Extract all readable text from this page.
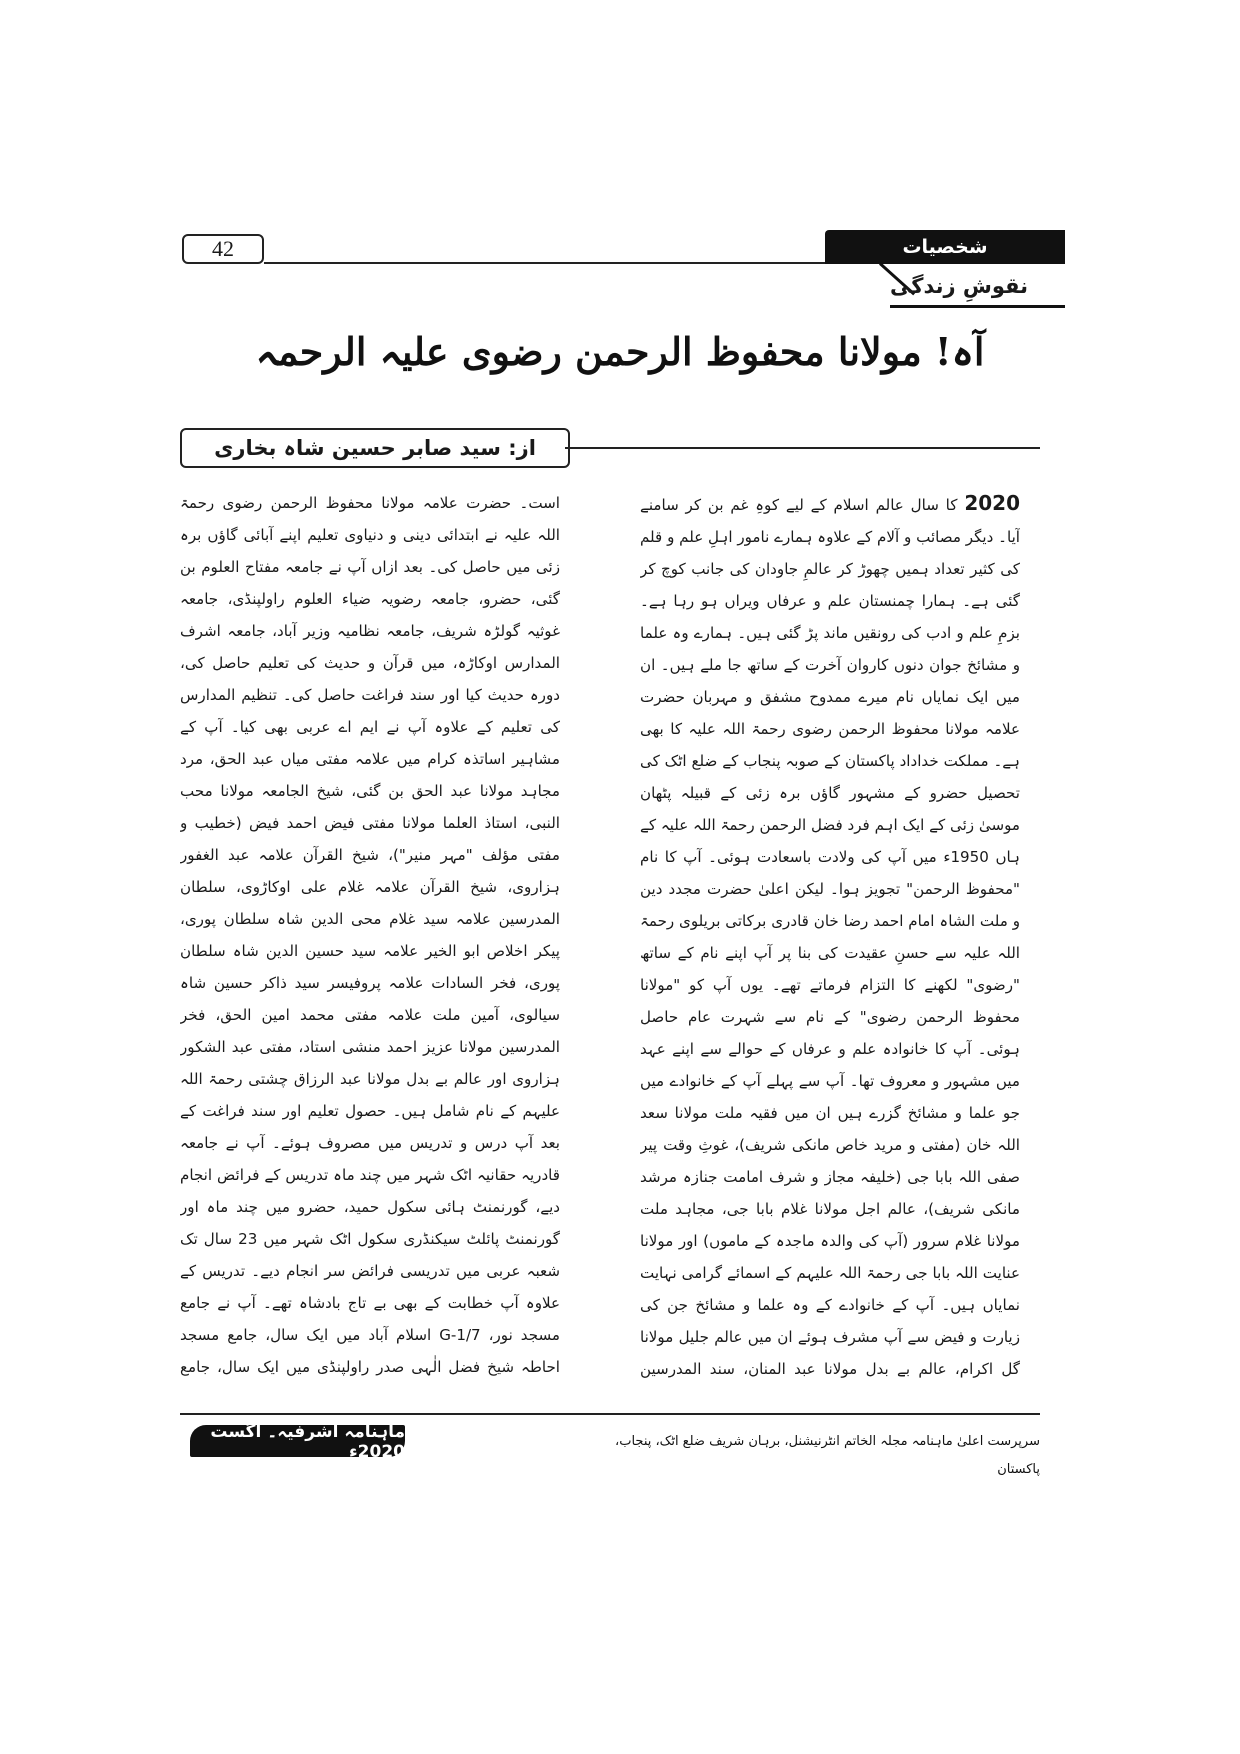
42	شخصیات
نقوشِ زندگی
آہ! مولانا محفوظ الرحمن رضوی علیہ الرحمہ
از: سید صابر حسین شاہ بخاری
2020 کا سال عالم اسلام کے لیے کوہِ غم بن کر سامنے آیا۔ دیگر مصائب و آلام کے علاوہ ہمارے نامور اہلِ علم و قلم کی کثیر تعداد ہمیں چھوڑ کر عالمِ جاودان کی جانب کوچ کر گئی ہے۔ ہمارا چمنستان علم و عرفاں ویراں ہو رہا ہے۔ بزمِ علم و ادب کی رونقیں ماند پڑ گئی ہیں۔ ہمارے وہ علما و مشائخ جوان دنوں کاروان آخرت کے ساتھ جا ملے ہیں۔ ان میں ایک نمایاں نام میرے ممدوح مشفق و مہربان حضرت علامہ مولانا محفوظ الرحمن رضوی رحمۃ اللہ علیہ کا بھی ہے۔ مملکت خداداد پاکستان کے صوبہ پنجاب کے ضلع اٹک کی تحصیل حضرو کے مشہور گاؤں برہ زئی کے قبیلہ پٹھان موسیٰ زئی کے ایک اہم فرد فضل الرحمن رحمۃ اللہ علیہ کے ہاں 1950ء میں آپ کی ولادت باسعادت ہوئی۔ آپ کا نام "محفوظ الرحمن" تجویز ہوا۔ لیکن اعلیٰ حضرت مجدد دین و ملت الشاہ امام احمد رضا خان قادری برکاتی بریلوی رحمۃ اللہ علیہ سے حسنِ عقیدت کی بنا پر آپ اپنے نام کے ساتھ "رضوی" لکھنے کا التزام فرماتے تھے۔ یوں آپ کو "مولانا محفوظ الرحمن رضوی" کے نام سے شہرت عام حاصل ہوئی۔ آپ کا خانوادہ علم و عرفاں کے حوالے سے اپنے عہد میں مشہور و معروف تھا۔ آپ سے پہلے آپ کے خانوادے میں جو علما و مشائخ گزرے ہیں ان میں فقیہ ملت مولانا سعد اللہ خان (مفتی و مرید خاص مانکی شریف)، غوثِ وقت پیر صفی اللہ بابا جی (خلیفہ مجاز و شرف امامت جنازہ مرشد مانکی شریف)، عالم اجل مولانا غلام بابا جی، مجاہد ملت مولانا غلام سرور (آپ کی والدہ ماجدہ کے ماموں) اور مولانا عنایت اللہ بابا جی رحمۃ اللہ علیہم کے اسمائے گرامی نہایت نمایاں ہیں۔ آپ کے خانوادے کے وہ علما و مشائخ جن کی زیارت و فیض سے آپ مشرف ہوئے ان میں عالم جلیل مولانا گل اکرام، عالم بے بدل مولانا عبد المنان، سند المدرسین
است۔ حضرت علامہ مولانا محفوظ الرحمن رضوی رحمۃ اللہ علیہ نے ابتدائی دینی و دنیاوی تعلیم اپنے آبائی گاؤں برہ زئی میں حاصل کی۔ بعد ازاں آپ نے جامعہ مفتاح العلوم بن گئی، حضرو، جامعہ رضویہ ضیاء العلوم راولپنڈی، جامعہ غوثیہ گولڑہ شریف، جامعہ نظامیہ وزیر آباد، جامعہ اشرف المدارس اوکاڑہ، میں قرآن و حدیث کی تعلیم حاصل کی، دورہ حدیث کیا اور سند فراغت حاصل کی۔ تنظیم المدارس کی تعلیم کے علاوہ آپ نے ایم اے عربی بھی کیا۔ آپ کے مشاہیر اساتذہ کرام میں علامہ مفتی میاں عبد الحق، مرد مجاہد مولانا عبد الحق بن گئی، شیخ الجامعہ مولانا محب النبی، استاذ العلما مولانا مفتی فیض احمد فیض (خطیب و مفتی مؤلف "مہر منیر")، شیخ القرآن علامہ عبد الغفور ہزاروی، شیخ القرآن علامہ غلام علی اوکاڑوی، سلطان المدرسین علامہ سید غلام محی الدین شاہ سلطان پوری، پیکر اخلاص ابو الخیر علامہ سید حسین الدین شاہ سلطان پوری، فخر السادات علامہ پروفیسر سید ذاکر حسین شاہ سیالوی، آمین ملت علامہ مفتی محمد امین الحق، فخر المدرسین مولانا عزیز احمد منشی استاد، مفتی عبد الشکور ہزاروی اور عالم بے بدل مولانا عبد الرزاق چشتی رحمۃ اللہ علیہم کے نام شامل ہیں۔ حصول تعلیم اور سند فراغت کے بعد آپ درس و تدریس میں مصروف ہوئے۔ آپ نے جامعہ قادریہ حقانیہ اٹک شہر میں چند ماہ تدریس کے فرائض انجام دیے، گورنمنٹ ہائی سکول حمید، حضرو میں چند ماہ اور گورنمنٹ پائلٹ سیکنڈری سکول اٹک شہر میں 23 سال تک شعبہ عربی میں تدریسی فرائض سر انجام دیے۔ تدریس کے علاوہ آپ خطابت کے بھی بے تاج بادشاہ تھے۔ آپ نے جامع مسجد نور، G-1/7 اسلام آباد میں ایک سال، جامع مسجد احاطہ شیخ فضل الٰہی صدر راولپنڈی میں ایک سال، جامع
ماہنامہ اشرفیہ۔ اگست 2020ء	سرپرست اعلیٰ ماہنامہ مجلہ الخاتم انٹرنیشنل، برہان شریف ضلع اٹک، پنجاب، پاکستان
